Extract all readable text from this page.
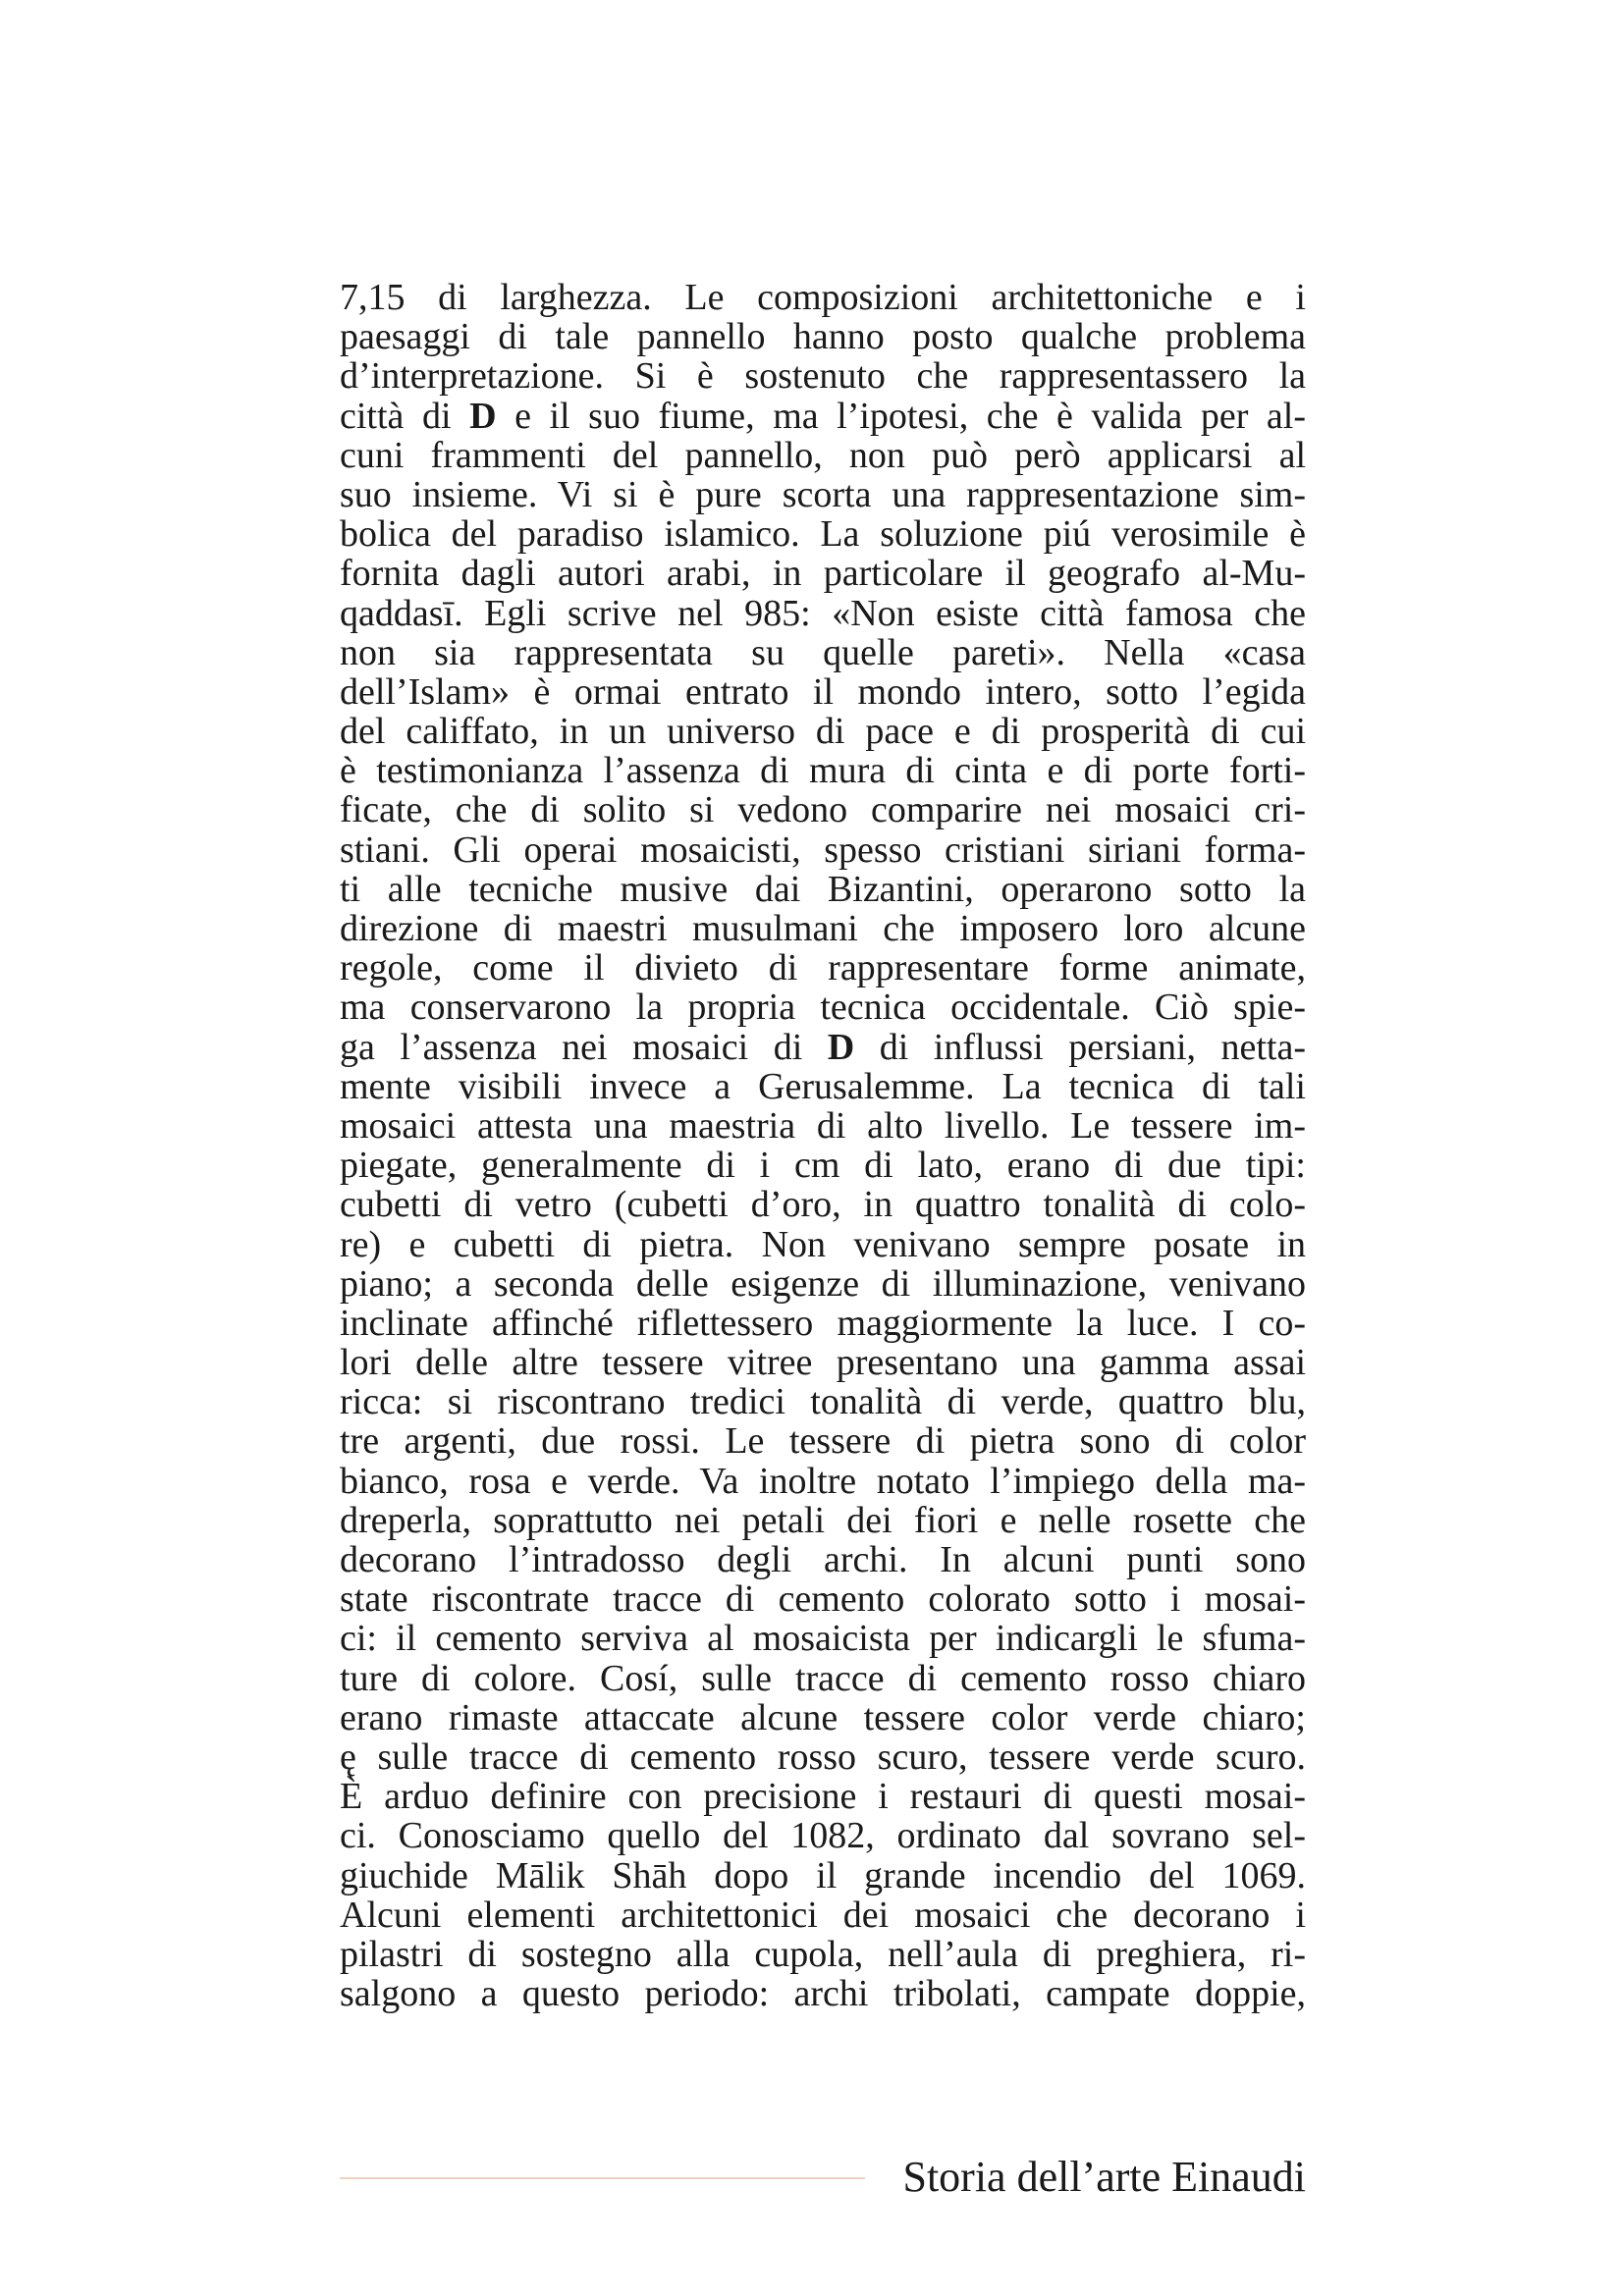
7,15 di larghezza. Le composizioni architettoniche e i
paesaggi di tale pannello hanno posto qualche problema
d’interpretazione. Si è sostenuto che rappresentassero la
città di D e il suo fiume, ma l’ipotesi, che è valida per al-
cuni frammenti del pannello, non può però applicarsi al
suo insieme. Vi si è pure scorta una rappresentazione sim-
bolica del paradiso islamico. La soluzione piú verosimile è
fornita dagli autori arabi, in particolare il geografo al-Mu-
qaddasī. Egli scrive nel 985: «Non esiste città famosa che
non sia rappresentata su quelle pareti». Nella «casa
dell’Islam» è ormai entrato il mondo intero, sotto l’egida
del califfato, in un universo di pace e di prosperità di cui
è testimonianza l’assenza di mura di cinta e di porte forti-
ficate, che di solito si vedono comparire nei mosaici cri-
stiani. Gli operai mosaicisti, spesso cristiani siriani forma-
ti alle tecniche musive dai Bizantini, operarono sotto la
direzione di maestri musulmani che imposero loro alcune
regole, come il divieto di rappresentare forme animate,
ma conservarono la propria tecnica occidentale. Ciò spie-
ga l’assenza nei mosaici di D di influssi persiani, netta-
mente visibili invece a Gerusalemme. La tecnica di tali
mosaici attesta una maestria di alto livello. Le tessere im-
piegate, generalmente di i cm di lato, erano di due tipi:
cubetti di vetro (cubetti d’oro, in quattro tonalità di colo-
re) e cubetti di pietra. Non venivano sempre posate in
piano; a seconda delle esigenze di illuminazione, venivano
inclinate affinché riflettessero maggiormente la luce. I co-
lori delle altre tessere vitree presentano una gamma assai
ricca: si riscontrano tredici tonalità di verde, quattro blu,
tre argenti, due rossi. Le tessere di pietra sono di color
bianco, rosa e verde. Va inoltre notato l’impiego della ma-
dreperla, soprattutto nei petali dei fiori e nelle rosette che
decorano l’intradosso degli archi. In alcuni punti sono
state riscontrate tracce di cemento colorato sotto i mosai-
ci: il cemento serviva al mosaicista per indicargli le sfuma-
ture di colore. Cosí, sulle tracce di cemento rosso chiaro
erano rimaste attaccate alcune tessere color verde chiaro;
ę sulle tracce di cemento rosso scuro, tessere verde scuro.
È arduo definire con precisione i restauri di questi mosai-
ci. Conosciamo quello del 1082, ordinato dal sovrano sel-
giuchide Mālik Shāh dopo il grande incendio del 1069.
Alcuni elementi architettonici dei mosaici che decorano i
pilastri di sostegno alla cupola, nell’aula di preghiera, ri-
salgono a questo periodo: archi tribolati, campate doppie,
Storia dell’arte Einaudi
